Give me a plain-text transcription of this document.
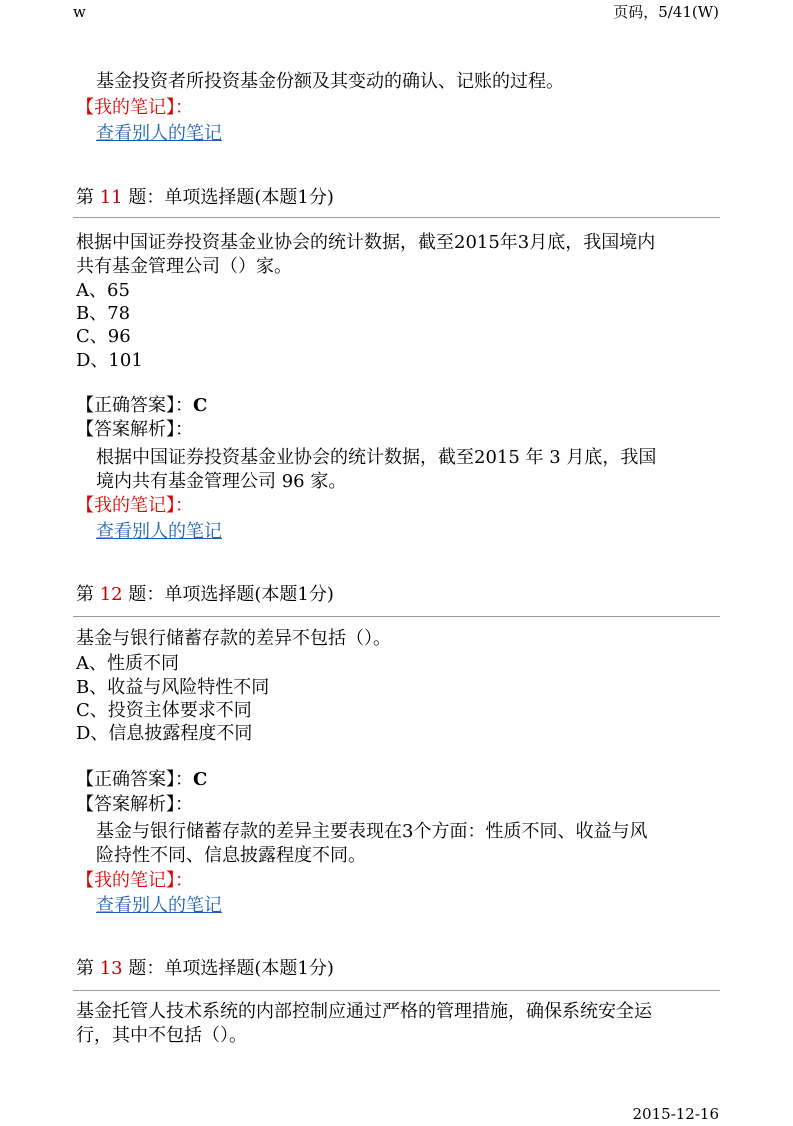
w	页码，5/41(W)
基金投资者所投资基金份额及其变动的确认、记账的过程。
【我的笔记】：
查看别人的笔记
第 11 题：单项选择题(本题1分)
根据中国证券投资基金业协会的统计数据，截至2015年3月底，我国境内
共有基金管理公司（）家。
A、65
B、78
C、96
D、101
【正确答案】：C
【答案解析】：
根据中国证券投资基金业协会的统计数据，截至2015 年 3 月底，我国
境内共有基金管理公司 96 家。
【我的笔记】：
查看别人的笔记
第 12 题：单项选择题(本题1分)
基金与银行储蓄存款的差异不包括（）。
A、性质不同
B、收益与风险特性不同
C、投资主体要求不同
D、信息披露程度不同
【正确答案】：C
【答案解析】：
基金与银行储蓄存款的差异主要表现在3个方面：性质不同、收益与风
险持性不同、信息披露程度不同。
【我的笔记】：
查看别人的笔记
第 13 题：单项选择题(本题1分)
基金托管人技术系统的内部控制应通过严格的管理措施，确保系统安全运
行，其中不包括（）。
2015-12-16
